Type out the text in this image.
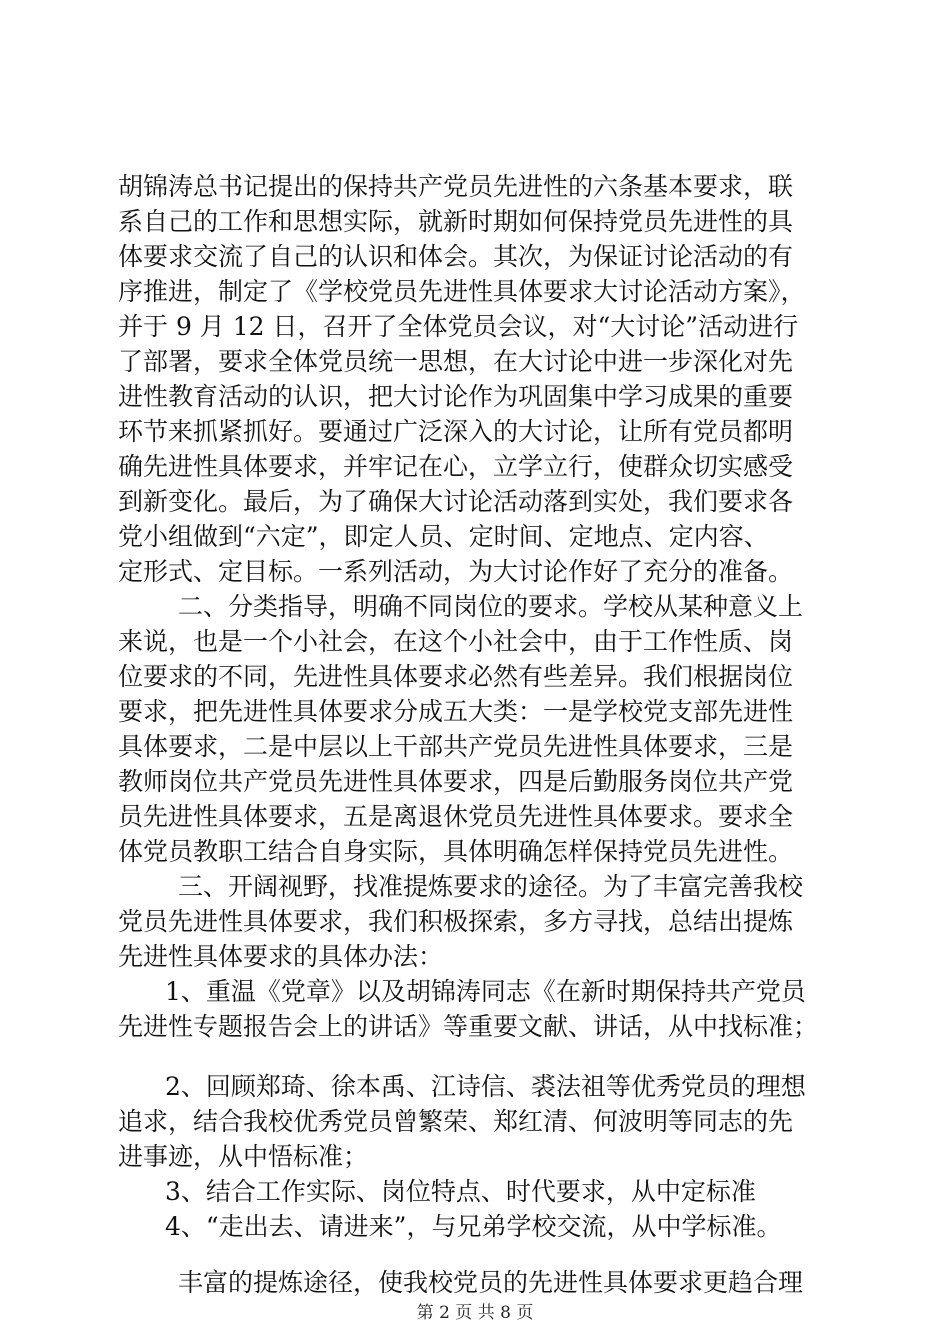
胡锦涛总书记提出的保持共产党员先进性的六条基本要求，联
系自己的工作和思想实际，就新时期如何保持党员先进性的具
体要求交流了自己的认识和体会。其次，为保证讨论活动的有
序推进，制定了《学校党员先进性具体要求大讨论活动方案》，
并于 9 月 12 日，召开了全体党员会议，对“大讨论”活动进行
了部署，要求全体党员统一思想，在大讨论中进一步深化对先
进性教育活动的认识，把大讨论作为巩固集中学习成果的重要
环节来抓紧抓好。要通过广泛深入的大讨论，让所有党员都明
确先进性具体要求，并牢记在心，立学立行，使群众切实感受
到新变化。最后，为了确保大讨论活动落到实处，我们要求各
党小组做到“六定”，即定人员、定时间、定地点、定内容、
定形式、定目标。一系列活动，为大讨论作好了充分的准备。
二、分类指导，明确不同岗位的要求。学校从某种意义上
来说，也是一个小社会，在这个小社会中，由于工作性质、岗
位要求的不同，先进性具体要求必然有些差异。我们根据岗位
要求，把先进性具体要求分成五大类：一是学校党支部先进性
具体要求，二是中层以上干部共产党员先进性具体要求，三是
教师岗位共产党员先进性具体要求，四是后勤服务岗位共产党
员先进性具体要求，五是离退休党员先进性具体要求。要求全
体党员教职工结合自身实际，具体明确怎样保持党员先进性。
三、开阔视野，找准提炼要求的途径。为了丰富完善我校
党员先进性具体要求，我们积极探索，多方寻找，总结出提炼
先进性具体要求的具体办法：
1、重温《党章》以及胡锦涛同志《在新时期保持共产党员
先进性专题报告会上的讲话》等重要文献、讲话，从中找标准；
2、回顾郑琦、徐本禹、江诗信、裘法祖等优秀党员的理想
追求，结合我校优秀党员曾繁荣、郑红清、何波明等同志的先
进事迹，从中悟标准；
3、结合工作实际、岗位特点、时代要求，从中定标准
4、“走出去、请进来”，与兄弟学校交流，从中学标准。
丰富的提炼途径，使我校党员的先进性具体要求更趋合理
第 2 页 共 8 页
